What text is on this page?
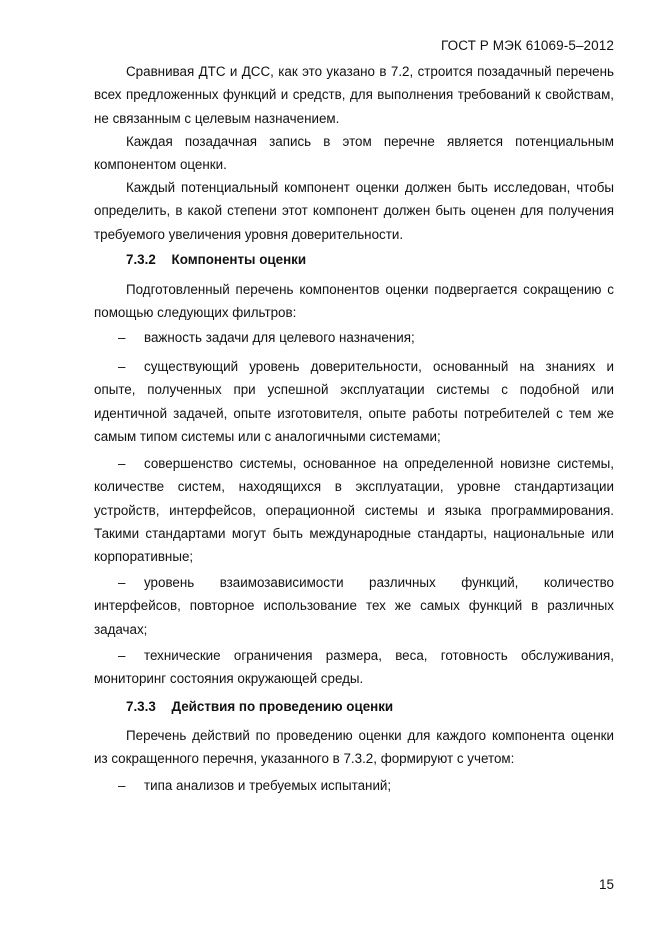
ГОСТ Р МЭК 61069-5–2012
Сравнивая ДТС и ДСС, как это указано в 7.2, строится позадачный перечень всех предложенных функций и средств, для выполнения требований к свойствам, не связанным с целевым назначением.
Каждая позадачная запись в этом перечне является потенциальным компонентом оценки.
Каждый потенциальный компонент оценки должен быть исследован, чтобы определить, в какой степени этот компонент должен быть оценен для получения требуемого увеличения уровня доверительности.
7.3.2 Компоненты оценки
Подготовленный перечень компонентов оценки подвергается сокращению с помощью следующих фильтров:
– важность задачи для целевого назначения;
– существующий уровень доверительности, основанный на знаниях и опыте, полученных при успешной эксплуатации системы с подобной или идентичной задачей, опыте изготовителя, опыте работы потребителей с тем же самым типом системы или с аналогичными системами;
– совершенство системы, основанное на определенной новизне системы, количестве систем, находящихся в эксплуатации, уровне стандартизации устройств, интерфейсов, операционной системы и языка программирования. Такими стандартами могут быть международные стандарты, национальные или корпоративные;
– уровень взаимозависимости различных функций, количество интерфейсов, повторное использование тех же самых функций в различных задачах;
– технические ограничения размера, веса, готовность обслуживания, мониторинг состояния окружающей среды.
7.3.3 Действия по проведению оценки
Перечень действий по проведению оценки для каждого компонента оценки из сокращенного перечня, указанного в 7.3.2, формируют с учетом:
– типа анализов и требуемых испытаний;
15
